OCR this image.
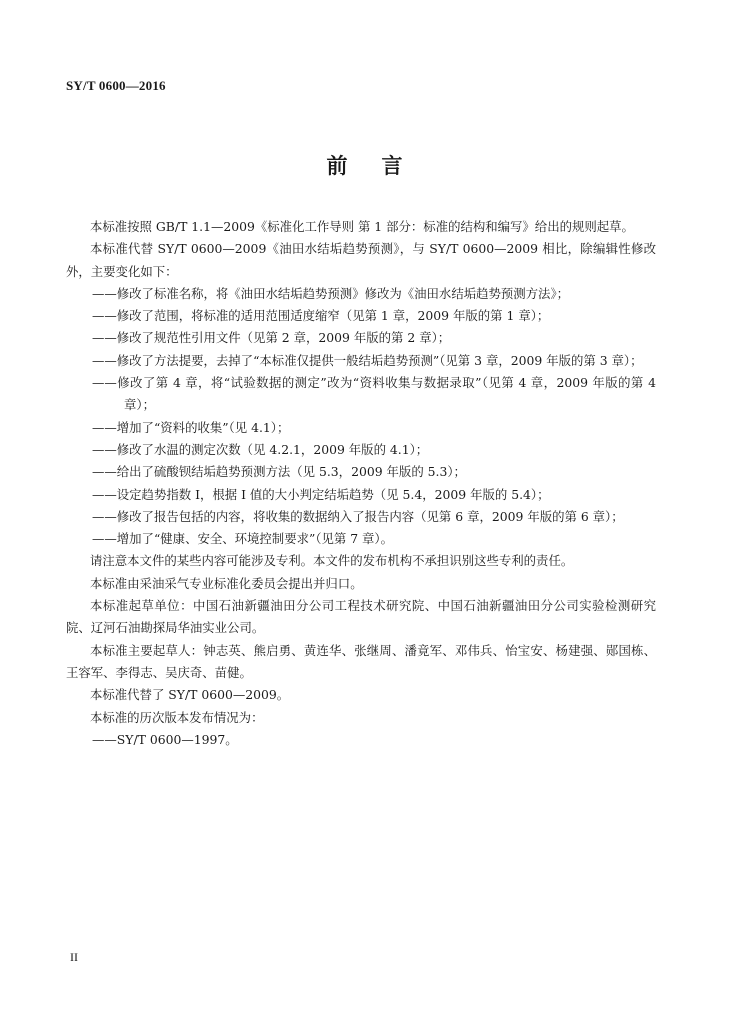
SY/T 0600—2016
前言

本标准按照 GB/T 1.1—2009《标准化工作导则 第 1 部分：标准的结构和编写》给出的规则起草。

本标准代替 SY/T 0600—2009《油田水结垢趋势预测》，与 SY/T 0600—2009 相比，除编辑性修改外，主要变化如下：

——修改了标准名称，将《油田水结垢趋势预测》修改为《油田水结垢趋势预测方法》；

——修改了范围，将标准的适用范围适度缩窄（见第 1 章，2009 年版的第 1 章）；

——修改了规范性引用文件（见第 2 章，2009 年版的第 2 章）；

——修改了方法提要，去掉了“本标准仅提供一般结垢趋势预测”（见第 3 章，2009 年版的第 3 章）；

——修改了第 4 章，将“试验数据的测定”改为“资料收集与数据录取”（见第 4 章，2009 年版的第 4 章）；

——增加了“资料的收集”（见 4.1）；

——修改了水温的测定次数（见 4.2.1，2009 年版的 4.1）；

——给出了硫酸钡结垢趋势预测方法（见 5.3，2009 年版的 5.3）；

——设定趋势指数 I，根据 I 值的大小判定结垢趋势（见 5.4，2009 年版的 5.4）；

——修改了报告包括的内容，将收集的数据纳入了报告内容（见第 6 章，2009 年版的第 6 章）；

——增加了“健康、安全、环境控制要求”（见第 7 章）。

请注意本文件的某些内容可能涉及专利。本文件的发布机构不承担识别这些专利的责任。

本标准由采油采气专业标准化委员会提出并归口。

本标准起草单位：中国石油新疆油田分公司工程技术研究院、中国石油新疆油田分公司实验检测研究院、辽河石油勘探局华油实业公司。

本标准主要起草人：钟志英、熊启勇、黄连华、张继周、潘竟军、邓伟兵、怡宝安、杨建强、郧国栋、王容军、李得志、吴庆奇、苗健。

本标准代替了 SY/T 0600—2009。

本标准的历次版本发布情况为：

——SY/T 0600—1997。

II
